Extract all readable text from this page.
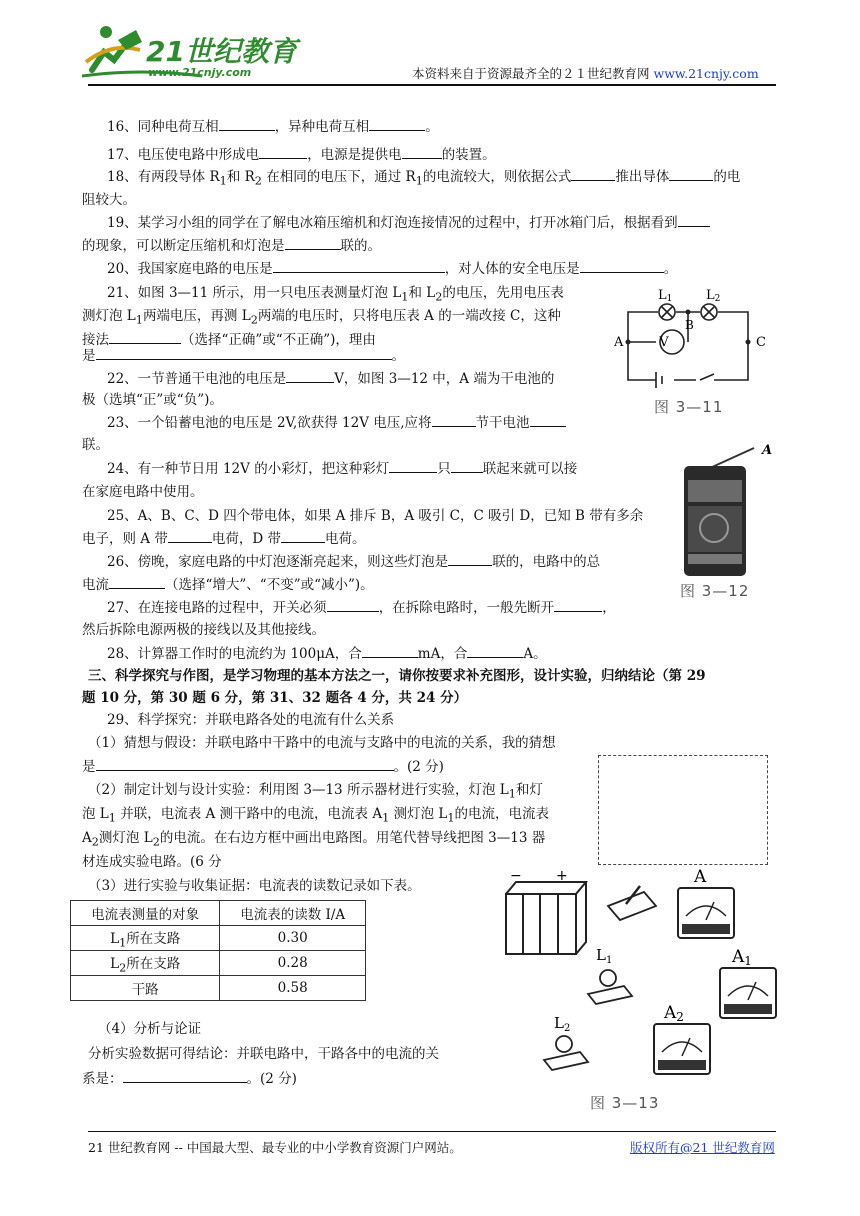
21世纪教育
www.21cnjy.com	本资料来自于资源最齐全的２１世纪教育网 www.21cnjy.com
16、同种电荷互相	，异种电荷互相	。
17、电压使电路中形成电	，电源是提供电	的装置。
18、有两段导体 $R_1$和 $R_2$ 在相同的电压下，通过 $R_1$的电流较大，则依据公式	推出导体	的电
阻较大。
19、某学习小组的同学在了解电冰箱压缩机和灯泡连接情况的过程中，打开冰箱门后，根据看到
的现象，可以断定压缩机和灯泡是	联的。
20、我国家庭电路的电压是	，对人体的安全电压是	。
21、如图 3—11 所示，用一只电压表测量灯泡 $L_1$和 $L_2$的电压，先用电压表
测灯泡 $L_1$两端电压，再测 $L_2$两端的电压时，只将电压表 A 的一端改接 C，这种
接法	（选择“正确”或“不正确”)，理由
是	。
V
L1	L2
B
A	C
图 3—11
22、一节普通干电池的电压是	V，如图 3—12 中，A 端为干电池的
极（选填“正”或“负”)。
23、一个铅蓄电池的电压是 2V,欲获得 12V 电压,应将	节干电池
联。
24、有一种节日用 12V 的小彩灯，把这种彩灯	只 联起来就可以接
在家庭电路中使用。
25、A、B、C、D 四个带电体，如果 A 排斥 B，A 吸引 C，C 吸引 D，已知 B 带有多余
电子，则 A 带	电荷，D 带	电荷。
26、傍晚，家庭电路的中灯泡逐渐亮起来，则这些灯泡是	联的，电路中的总
电流	（选择“增大”、“不变”或“减小”)。
27、在连接电路的过程中，开关必须	，在拆除电路时，一般先断开	，
然后拆除电源两极的接线以及其他接线。
28、计算器工作时的电流约为 100μA，合	mA，合	A。
A
图 3—12
三、科学探究与作图，是学习物理的基本方法之一，请你按要求补充图形，设计实验，归纳结论（第 29
题 10 分，第 30 题 6 分，第 31、32 题各 4 分，共 24 分）
29、科学探究：并联电路各处的电流有什么关系
（1）猜想与假设：并联电路中干路中的电流与支路中的电流的关系，我的猜想
是	。(2 分)
（2）制定计划与设计实验：利用图 3—13 所示器材进行实验，灯泡 $L_1$和灯
泡 $L_1$ 并联，电流表 A 测干路中的电流，电流表 $A_1$ 测灯泡 $L_1$的电流，电流表
$A_2$测灯泡 $L_2$的电流。在右边方框中画出电路图。用笔代替导线把图 3—13 器
材连成实验电路。(6 分
（3）进行实验与收集证据：电流表的读数记录如下表。
电流表测量的对象	电流表的读数 I/A
$L_1$所在支路	0.30
$L_2$所在支路	0.28
干路	0.58
（4）分析与论证
分析实验数据可得结论：并联电路中，干路各中的电流的关
系是：	。(2 分)
− +	A
A1
A2
$L_1$
$L_2$
图 3—13
21 世纪教育网 -- 中国最大型、最专业的中小学教育资源门户网站。	版权所有@21 世纪教育网
